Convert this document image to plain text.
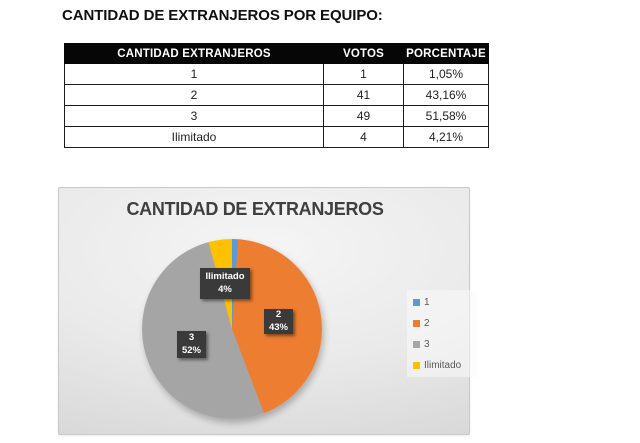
CANTIDAD DE EXTRANJEROS POR EQUIPO:
CANTIDAD EXTRANJEROS	VOTOS	PORCENTAJE
1	1	1,05%
2	41	43,16%
3	49	51,58%
Ilimitado	4	4,21%
CANTIDAD DE EXTRANJEROS
Ilimitado
4%
2
43%
3
52%
1
2
3
Ilimitado
